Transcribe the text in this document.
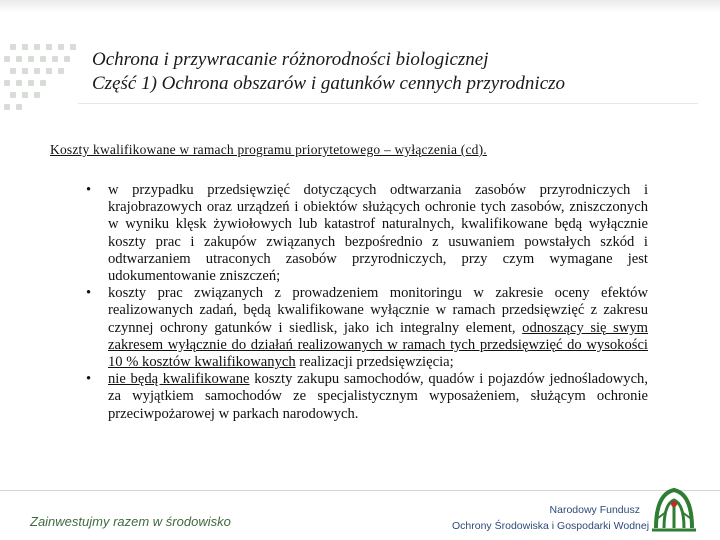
Ochrona i przywracanie różnorodności biologicznej
Część 1) Ochrona obszarów i gatunków cennych przyrodniczo
Koszty kwalifikowane w ramach programu priorytetowego – wyłączenia (cd).
• w przypadku przedsięwzięć dotyczących odtwarzania zasobów przyrodniczych i krajobrazowych oraz urządzeń i obiektów służących ochronie tych zasobów, zniszczonych w wyniku klęsk żywiołowych lub katastrof naturalnych, kwalifikowane będą wyłącznie koszty prac i zakupów związanych bezpośrednio z usuwaniem powstałych szkód i odtwarzaniem utraconych zasobów przyrodniczych, przy czym wymagane jest udokumentowanie zniszczeń;
• koszty prac związanych z prowadzeniem monitoringu w zakresie oceny efektów realizowanych zadań, będą kwalifikowane wyłącznie w ramach przedsięwzięć z zakresu czynnej ochrony gatunków i siedlisk, jako ich integralny element, odnoszący się swym zakresem wyłącznie do działań realizowanych w ramach tych przedsięwzięć do wysokości 10 % kosztów kwalifikowanych realizacji przedsięwzięcia;
• nie będą kwalifikowane koszty zakupu samochodów, quadów i pojazdów jednośladowych, za wyjątkiem samochodów ze specjalistycznym wyposażeniem, służącym ochronie przeciwpożarowej w parkach narodowych.
Zainwestujmy razem w środowisko
Narodowy Fundusz
Ochrony Środowiska i Gospodarki Wodnej
